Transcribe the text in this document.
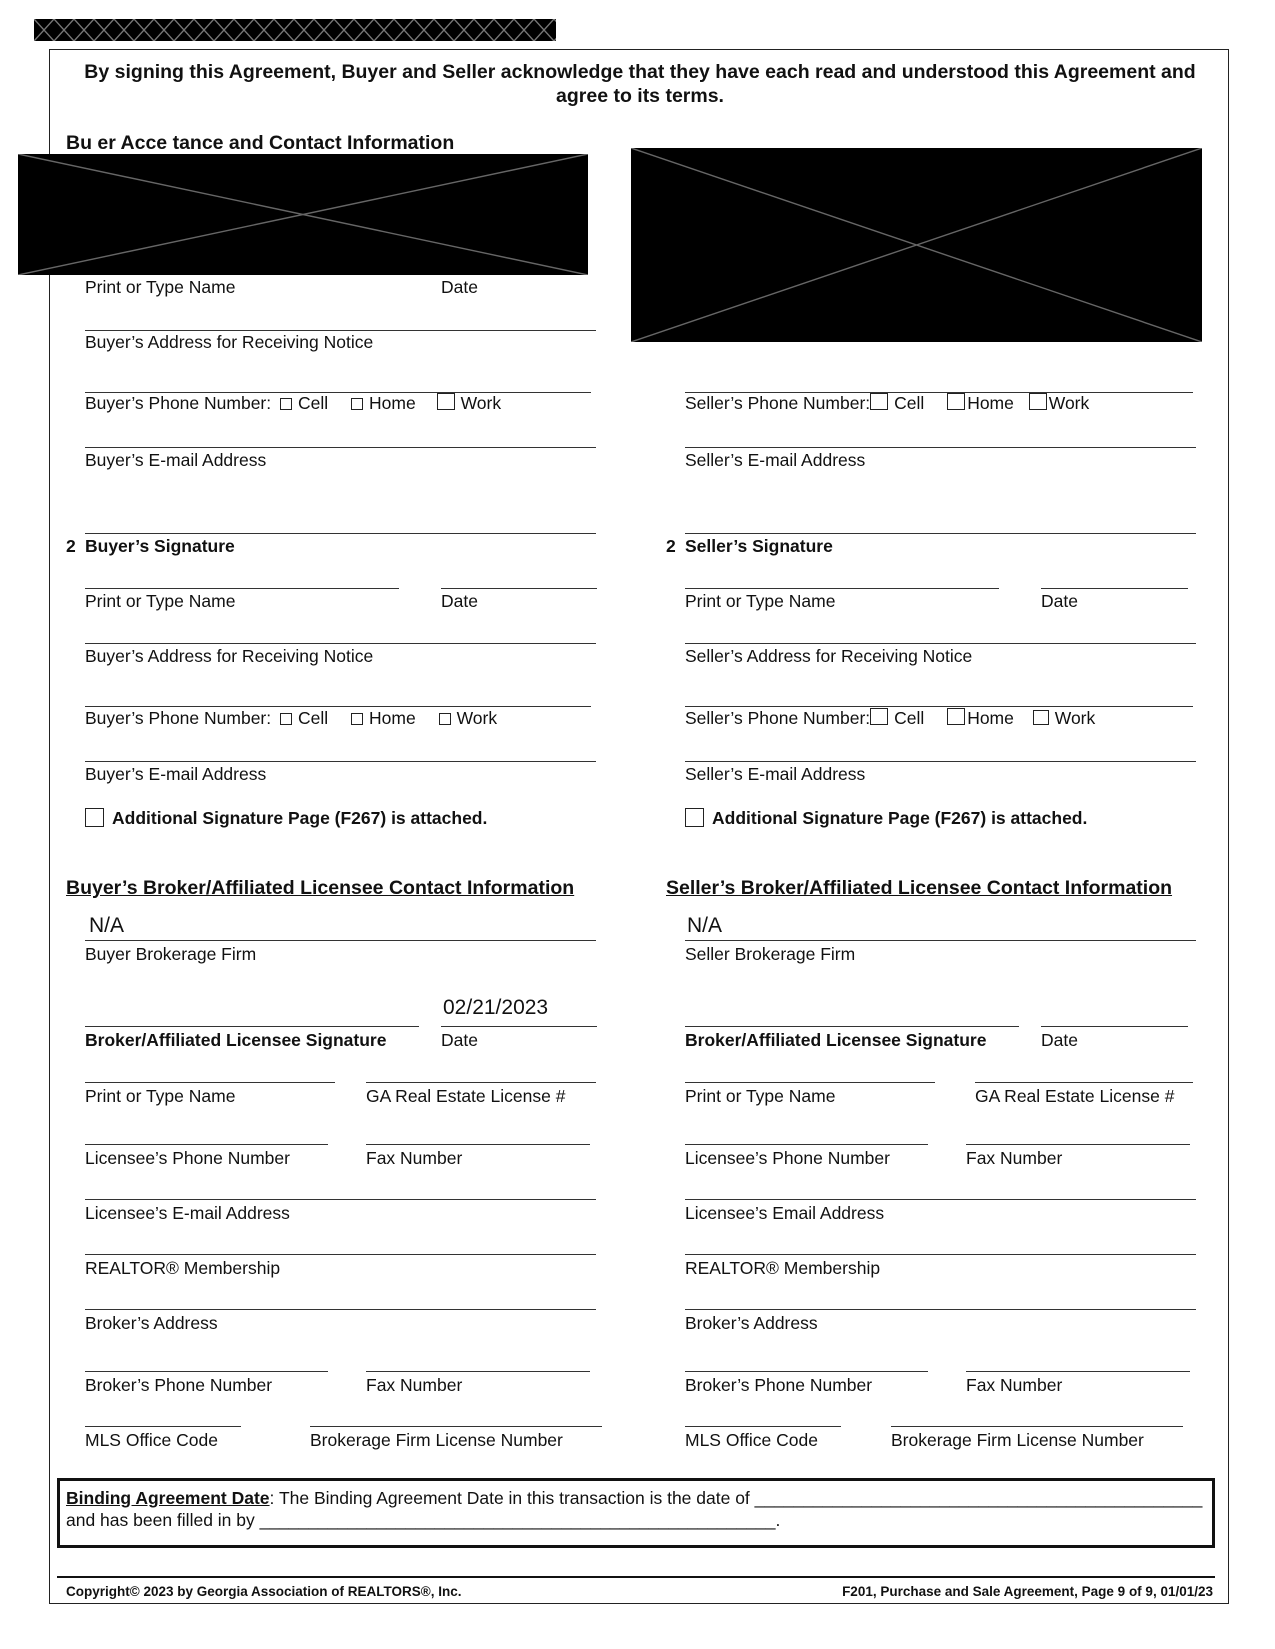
By signing this Agreement, Buyer and Seller acknowledge that they have each read and understood this Agreement and agree to its terms.
Bu er Acce tance and Contact Information
Print or Type Name	Date
Buyer’s Address for Receiving Notice
Buyer’s Phone Number: Cell Home	Work
Buyer’s E-mail Address
Seller’s Phone Number: Cell Home Work
Seller’s E-mail Address
2 Buyer’s Signature
Print or Type Name	Date
Buyer’s Address for Receiving Notice
Buyer’s Phone Number: Cell Home Work
Buyer’s E-mail Address
Additional Signature Page (F267) is attached.
2 Seller’s Signature
Print or Type Name	Date
Seller’s Address for Receiving Notice
Seller’s Phone Number: Cell Home Work
Seller’s E-mail Address
Additional Signature Page (F267) is attached.
Buyer’s Broker/Affiliated Licensee Contact Information
N/A
Buyer Brokerage Firm
02/21/2023
Broker/Affiliated Licensee Signature	Date
Print or Type Name	GA Real Estate License #
Licensee’s Phone Number	Fax Number
Licensee’s E-mail Address
REALTOR® Membership
Broker’s Address
Broker’s Phone Number	Fax Number
MLS Office Code	Brokerage Firm License Number
Seller’s Broker/Affiliated Licensee Contact Information
N/A
Seller Brokerage Firm
Broker/Affiliated Licensee Signature	Date
Print or Type Name	GA Real Estate License #
Licensee’s Phone Number	Fax Number
Licensee’s Email Address
REALTOR® Membership
Broker’s Address
Broker’s Phone Number	Fax Number
MLS Office Code	Brokerage Firm License Number
Binding Agreement Date: The Binding Agreement Date in this transaction is the date of ______________________________________________
and has been filled in by _____________________________________________________.
Copyright© 2023 by Georgia Association of REALTORS®, Inc.	F201, Purchase and Sale Agreement, Page 9 of 9, 01/01/23
